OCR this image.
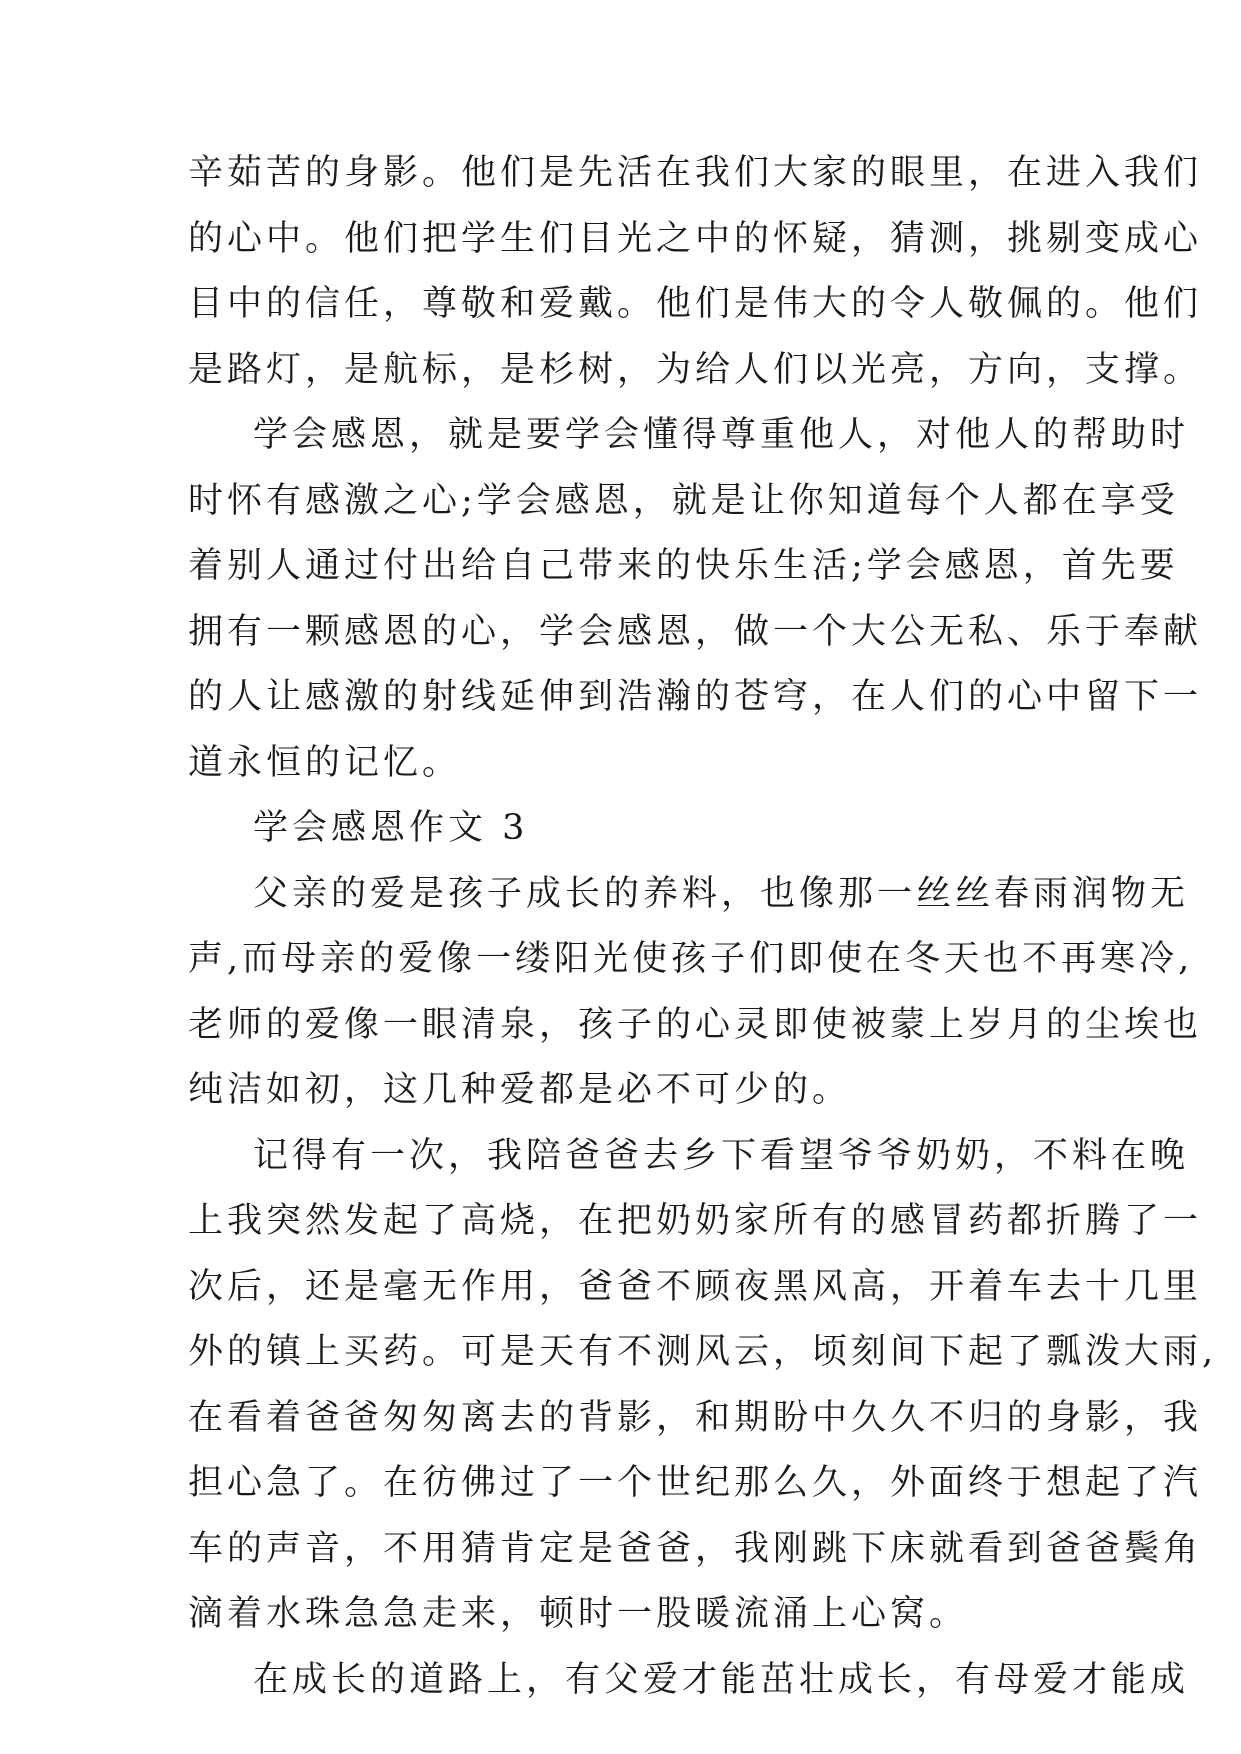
辛茹苦的身影。他们是先活在我们大家的眼里，在进入我们
的心中。他们把学生们目光之中的怀疑，猜测，挑剔变成心
目中的信任，尊敬和爱戴。他们是伟大的令人敬佩的。他们
是路灯，是航标，是杉树，为给人们以光亮，方向，支撑。
学会感恩，就是要学会懂得尊重他人，对他人的帮助时
时怀有感激之心;学会感恩，就是让你知道每个人都在享受
着别人通过付出给自己带来的快乐生活;学会感恩，首先要
拥有一颗感恩的心，学会感恩，做一个大公无私、乐于奉献
的人让感激的射线延伸到浩瀚的苍穹，在人们的心中留下一
道永恒的记忆。
学会感恩作文 3
父亲的爱是孩子成长的养料，也像那一丝丝春雨润物无
声,而母亲的爱像一缕阳光使孩子们即使在冬天也不再寒冷,
老师的爱像一眼清泉，孩子的心灵即使被蒙上岁月的尘埃也
纯洁如初，这几种爱都是必不可少的。
记得有一次，我陪爸爸去乡下看望爷爷奶奶，不料在晚
上我突然发起了高烧，在把奶奶家所有的感冒药都折腾了一
次后，还是毫无作用，爸爸不顾夜黑风高，开着车去十几里
外的镇上买药。可是天有不测风云，顷刻间下起了瓢泼大雨,
在看着爸爸匆匆离去的背影，和期盼中久久不归的身影，我
担心急了。在彷佛过了一个世纪那么久，外面终于想起了汽
车的声音，不用猜肯定是爸爸，我刚跳下床就看到爸爸鬓角
滴着水珠急急走来，顿时一股暖流涌上心窝。
在成长的道路上，有父爱才能茁壮成长，有母爱才能成
